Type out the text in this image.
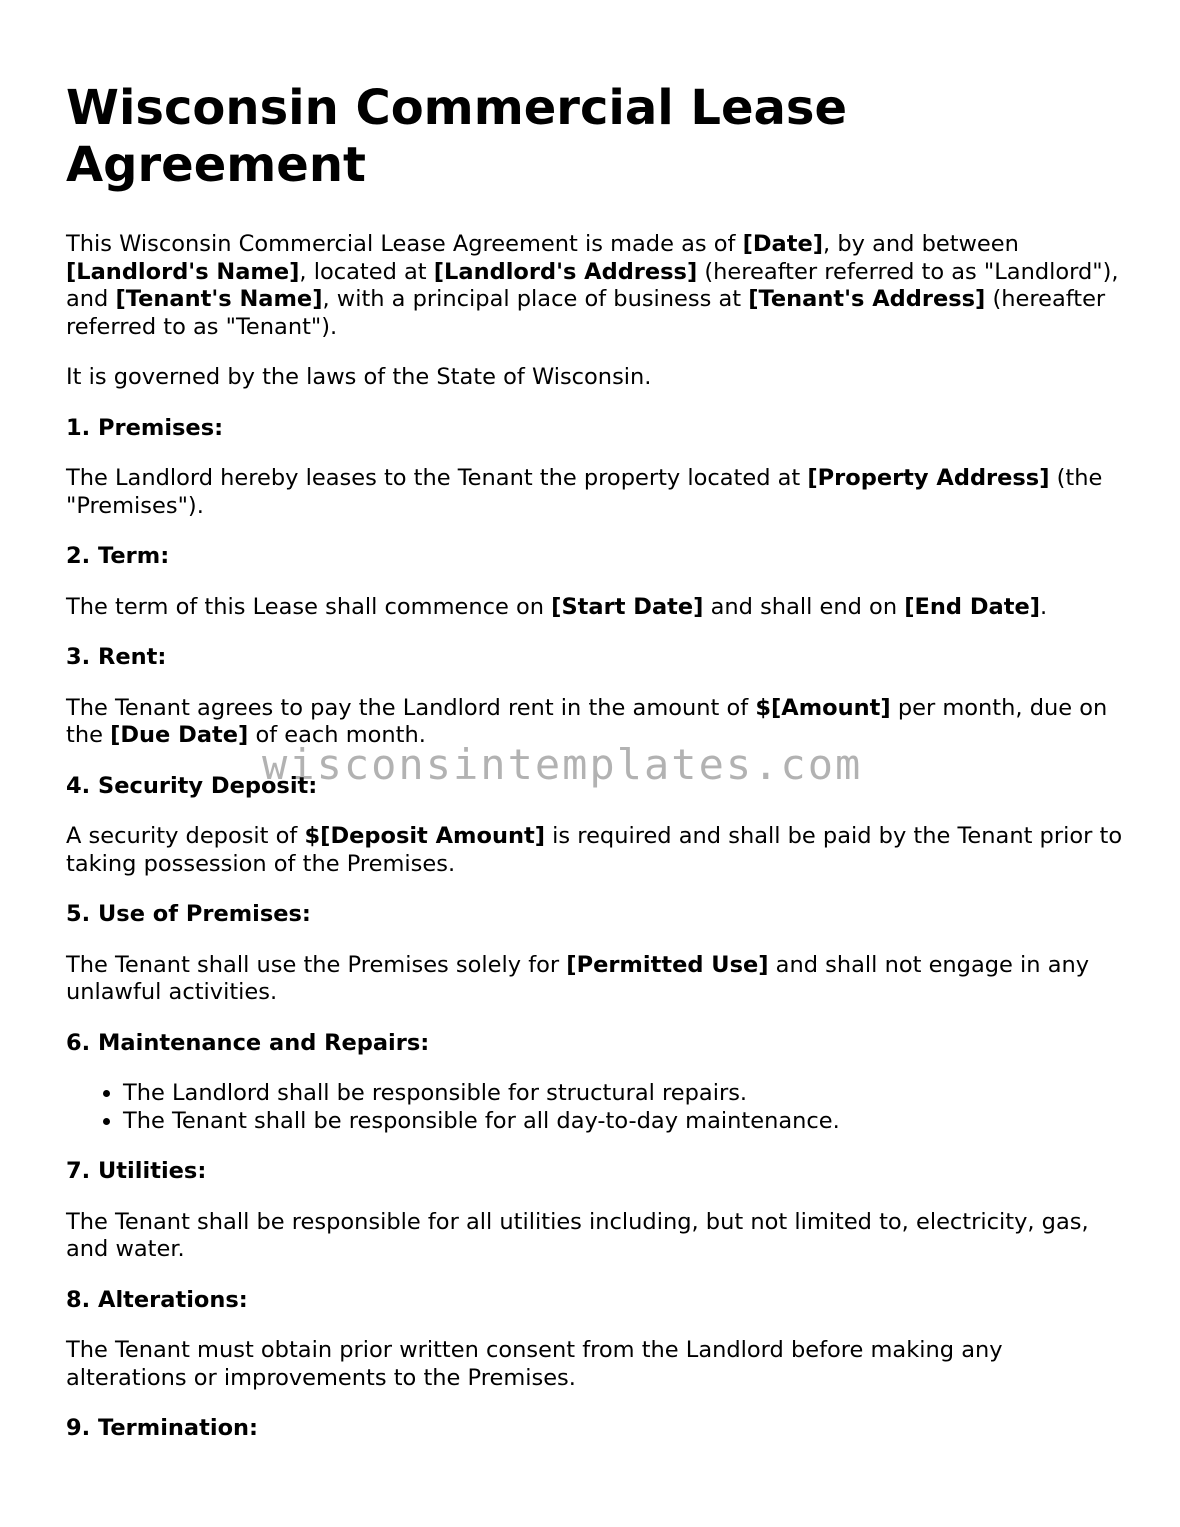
Wisconsin Commercial Lease Agreement

This Wisconsin Commercial Lease Agreement is made as of [Date], by and between [Landlord's Name], located at [Landlord's Address] (hereafter referred to as "Landlord"), and [Tenant's Name], with a principal place of business at [Tenant's Address] (hereafter referred to as "Tenant").

It is governed by the laws of the State of Wisconsin.

1. Premises:

The Landlord hereby leases to the Tenant the property located at [Property Address] (the "Premises").

2. Term:

The term of this Lease shall commence on [Start Date] and shall end on [End Date].

3. Rent:

The Tenant agrees to pay the Landlord rent in the amount of $[Amount] per month, due on the [Due Date] of each month.

4. Security Deposit:

A security deposit of $[Deposit Amount] is required and shall be paid by the Tenant prior to taking possession of the Premises.

5. Use of Premises:

The Tenant shall use the Premises solely for [Permitted Use] and shall not engage in any unlawful activities.

6. Maintenance and Repairs:
• The Landlord shall be responsible for structural repairs.
• The Tenant shall be responsible for all day-to-day maintenance.
7. Utilities:

The Tenant shall be responsible for all utilities including, but not limited to, electricity, gas, and water.

8. Alterations:

The Tenant must obtain prior written consent from the Landlord before making any alterations or improvements to the Premises.

9. Termination:
wisconsintemplates.com
